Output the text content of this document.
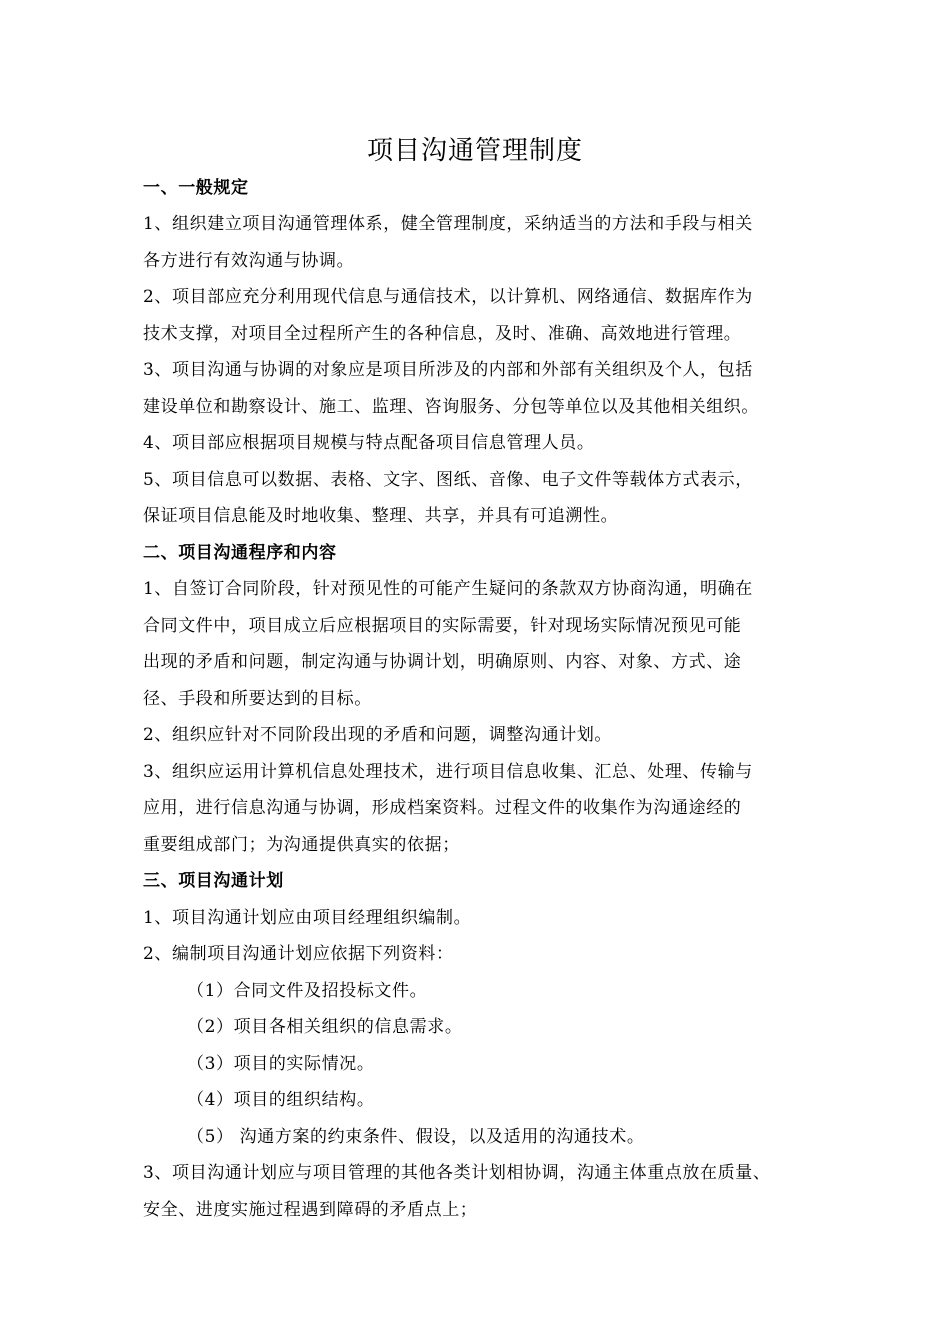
项目沟通管理制度
一、一般规定
1、组织建立项目沟通管理体系，健全管理制度，采纳适当的方法和手段与相关
各方进行有效沟通与协调。
2、项目部应充分利用现代信息与通信技术，以计算机、网络通信、数据库作为
技术支撑，对项目全过程所产生的各种信息，及时、准确、高效地进行管理。
3、项目沟通与协调的对象应是项目所涉及的内部和外部有关组织及个人，包括
建设单位和勘察设计、施工、监理、咨询服务、分包等单位以及其他相关组织。
4、项目部应根据项目规模与特点配备项目信息管理人员。
5、项目信息可以数据、表格、文字、图纸、音像、电子文件等载体方式表示，
保证项目信息能及时地收集、整理、共享，并具有可追溯性。
二、项目沟通程序和内容
1、自签订合同阶段，针对预见性的可能产生疑问的条款双方协商沟通，明确在
合同文件中，项目成立后应根据项目的实际需要，针对现场实际情况预见可能
出现的矛盾和问题，制定沟通与协调计划，明确原则、内容、对象、方式、途
径、手段和所要达到的目标。
2、组织应针对不同阶段出现的矛盾和问题，调整沟通计划。
3、组织应运用计算机信息处理技术，进行项目信息收集、汇总、处理、传输与
应用，进行信息沟通与协调，形成档案资料。过程文件的收集作为沟通途经的
重要组成部门；为沟通提供真实的依据；
三、项目沟通计划
1、项目沟通计划应由项目经理组织编制。
2、编制项目沟通计划应依据下列资料：
（1）合同文件及招投标文件。
（2）项目各相关组织的信息需求。
（3）项目的实际情况。
（4）项目的组织结构。
（5） 沟通方案的约束条件、假设，以及适用的沟通技术。
3、项目沟通计划应与项目管理的其他各类计划相协调，沟通主体重点放在质量、
安全、进度实施过程遇到障碍的矛盾点上；
